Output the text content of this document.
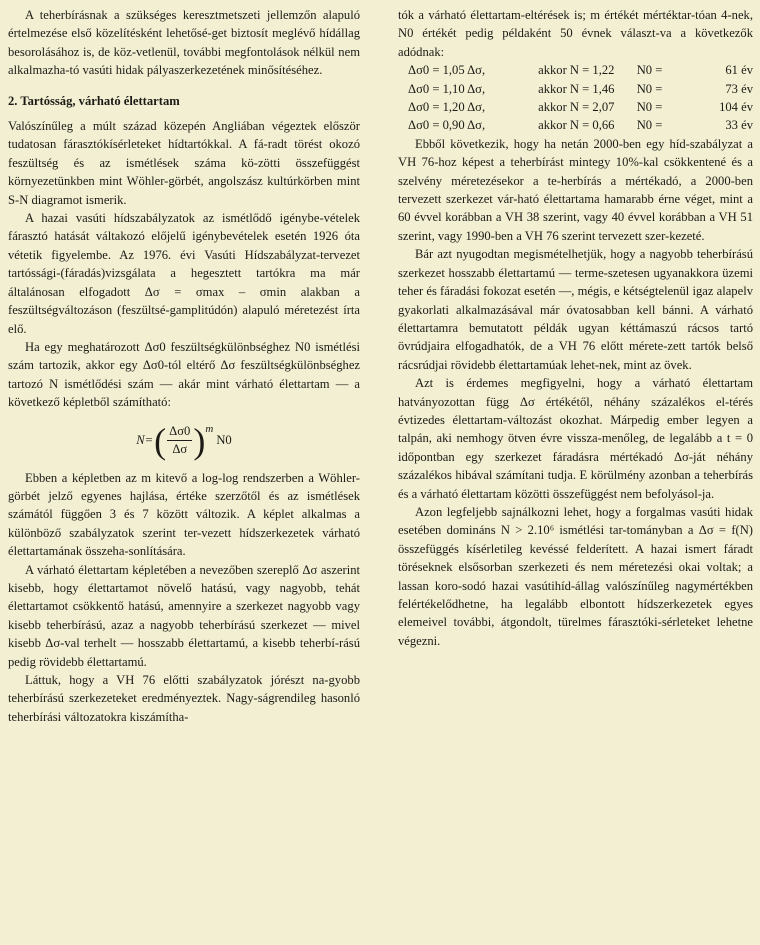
A teherbírásnak a szükséges keresztmetszeti jellemzőn alapuló értelmezése első közelítésként lehetősé-get biztosít meglévő hídállag besorolásához is, de köz-vetlenül, további megfontolások nélkül nem alkalmazha-tó vasúti hidak pályaszerkezetének minősítéséhez.

2. Tartósság, várható élettartam

Valószínűleg a múlt század közepén Angliában végeztek először tudatosan fárasztókísérleteket hídtartókkal. A fá-radt törést okozó feszültség és az ismétlések száma kö-zötti összefüggést környezetünkben mint Wöhler-görbét, angolszász kultúrkörben mint S-N diagramot ismerik.

A hazai vasúti hídszabályzatok az ismétlődő igénybe-vételek fárasztó hatását váltakozó előjelű igénybevételek esetén 1926 óta vétetik figyelembe. Az 1976. évi Vasúti Hídszabályzat-tervezet tartóssági-(fáradás)vizsgálata a hegesztett tartókra ma már általánosan elfogadott Δσ = σmax – σmin alakban a feszültségváltozáson (feszültsé-gamplitúdón) alapuló méretezést írta elő.

Ha egy meghatározott Δσ0 feszültségkülönbséghez N0 ismétlési szám tartozik, akkor egy Δσ0-tól eltérő Δσ feszültségkülönbséghez tartozó N ismétlődési szám — akár mint várható élettartam — a következő képletből számítható:

N= ( $\frac{\Delta\sigma 0}{\Delta\sigma}$ ) m
N0

Ebben a képletben az m kitevő a log-log rendszerben a Wöhler-görbét jelző egyenes hajlása, értéke szerzőtől és az ismétlések számától függően 3 és 7 között változik. A képlet alkalmas a különböző szabályzatok szerint ter-vezett hídszerkezetek várható élettartamának összeha-sonlítására.

A várható élettartam képletében a nevezőben szereplő Δσ aszerint kisebb, hogy élettartamot növelő hatású, vagy nagyobb, tehát élettartamot csökkentő hatású, amennyire a szerkezet nagyobb vagy kisebb teherbírású, azaz a nagyobb teherbírású szerkezet — mivel kisebb Δσ-val terhelt — hosszabb élettartamú, a kisebb teherbí-rású pedig rövidebb élettartamú.

Láttuk, hogy a VH 76 előtti szabályzatok jórészt na-gyobb teherbírású szerkezeteket eredményeztek. Nagy-ságrendileg hasonló teherbírási változatokra kiszámítha-

tók a várható élettartam-eltérések is; m értékét mértéktar-tóan 4-nek, N0 értékét pedig példaként 50 évnek választ-va a következők adódnak:

Δσ0 = 1,05 Δσ,	akkor N = 1,22	N0 =	61 év
Δσ0 = 1,10 Δσ,	akkor N = 1,46	N0 =	73 év
Δσ0 = 1,20 Δσ,	akkor N = 2,07	N0 =	104 év
Δσ0 = 0,90 Δσ,	akkor N = 0,66	N0 =	33 év

Ebből következik, hogy ha netán 2000-ben egy híd-szabályzat a VH 76-hoz képest a teherbírást mintegy 10%-kal csökkentené és a szelvény méretezésekor a te-herbírás a mértékadó, a 2000-ben tervezett szerkezet vár-ható élettartama hamarabb érne véget, mint a 60 évvel korábban a VH 38 szerint, vagy 40 évvel korábban a VH 51 szerint, vagy 1990-ben a VH 76 szerint tervezett szer-kezeté.

Bár azt nyugodtan megismételhetjük, hogy a nagyobb teherbírású szerkezet hosszabb élettartamú — terme-szetesen ugyanakkora üzemi teher és fáradási fokozat esetén —, mégis, e kétségtelenül igaz alapelv gyakorlati alkalmazásával már óvatosabban kell bánni. A várható élettartamra bemutatott példák ugyan kéttámaszú rácsos tartó övrúdjaira elfogadhatók, de a VH 76 előtt mérete-zett tartók belső rácsrúdjai rövidebb élettartamúak lehet-nek, mint az övek.

Azt is érdemes megfigyelni, hogy a várható élettartam hatványozottan függ Δσ értékétől, néhány százalékos el-térés évtizedes élettartam-változást okozhat. Márpedig ember legyen a talpán, aki nemhogy ötven évre vissza-menőleg, de legalább a t = 0 időpontban egy szerkezet fáradásra mértékadó Δσ-ját néhány százalékos hibával számítani tudja. E körülmény azonban a teherbírás és a várható élettartam közötti összefüggést nem befolyásol-ja.

Azon legfeljebb sajnálkozni lehet, hogy a forgalmas vasúti hidak esetében domináns N > 2.10⁶ ismétlési tar-tományban a Δσ = f(N) összefüggés kísérletileg kevéssé felderített. A hazai ismert fáradt töréseknek elsősorban szerkezeti és nem méretezési okai voltak; a lassan koro-sodó hazai vasútihíd-állag valószínűleg nagymértékben felértékelődhetne, ha legalább elbontott hídszerkezetek egyes elemeivel további, átgondolt, türelmes fárasztóki-sérleteket lehetne végezni.
